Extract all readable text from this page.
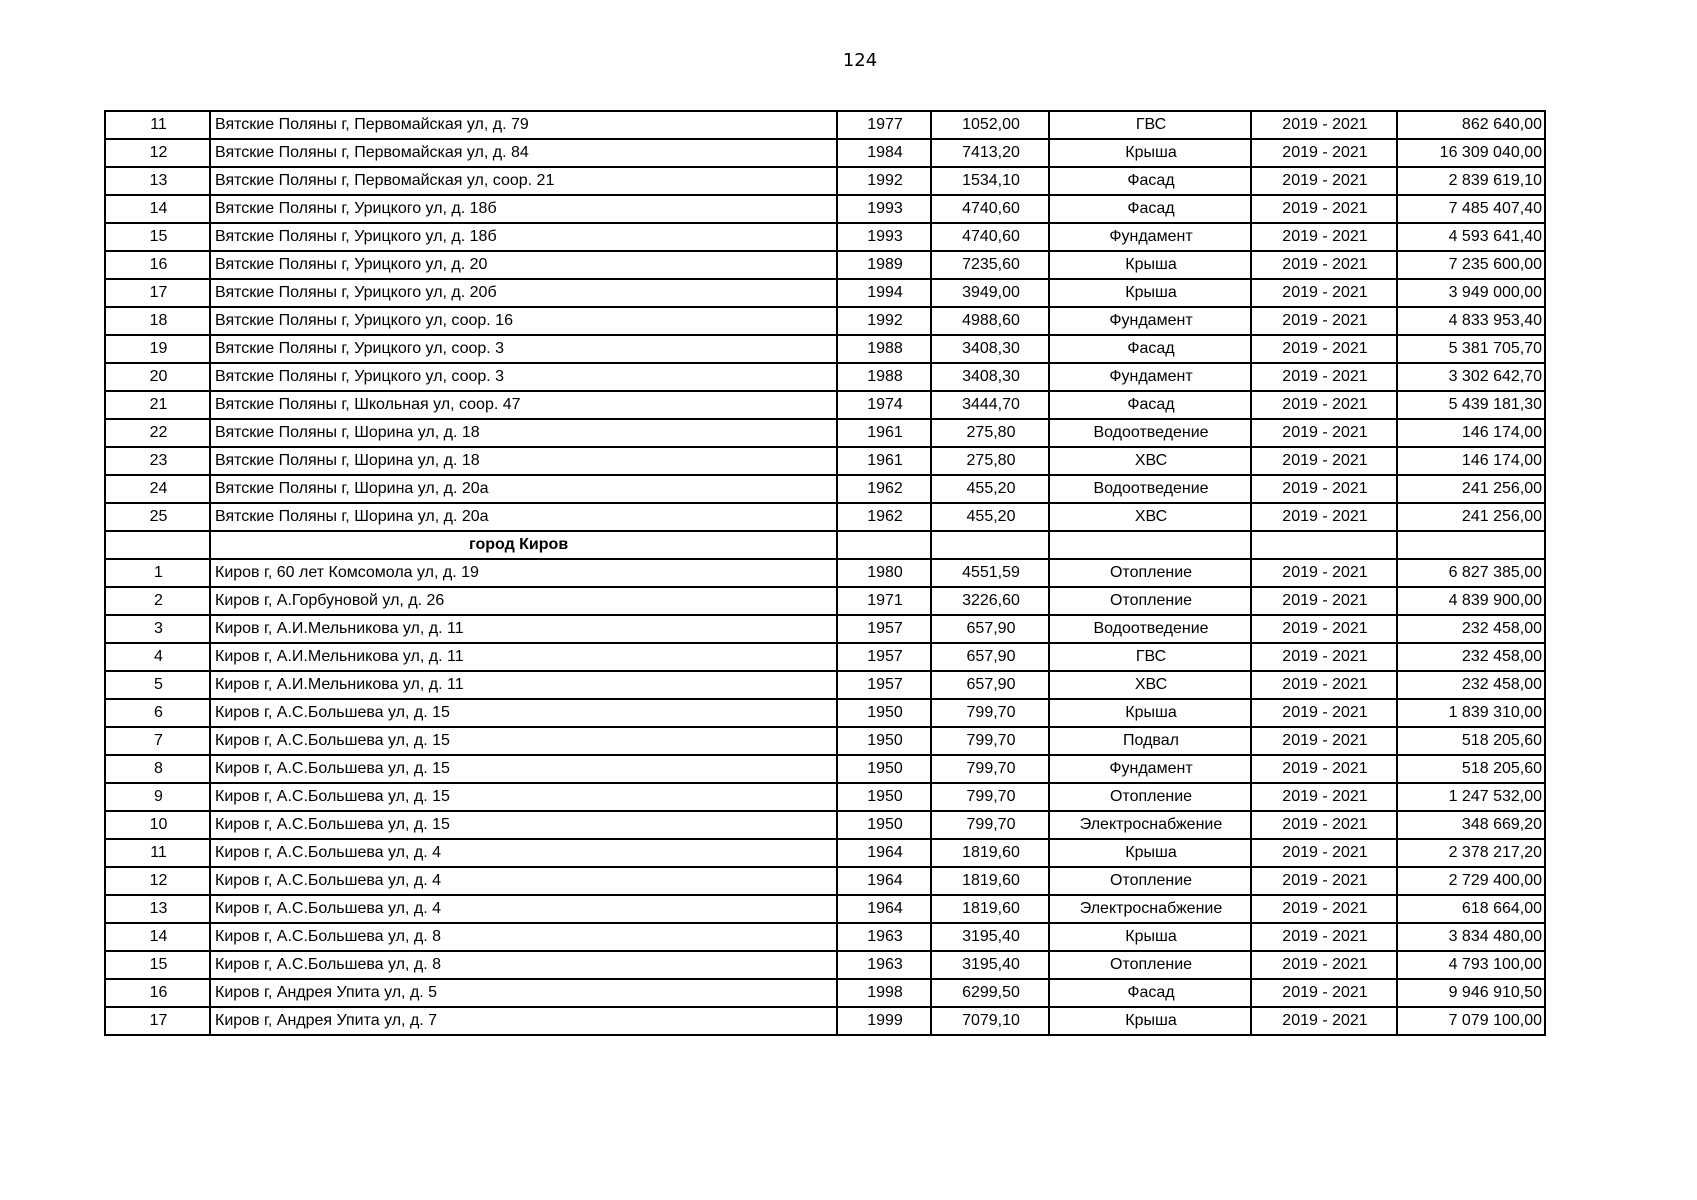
124
11	Вятские Поляны г, Первомайская ул, д. 79	1977	1052,00	ГВС	2019 - 2021	862 640,00
12	Вятские Поляны г, Первомайская ул, д. 84	1984	7413,20	Крыша	2019 - 2021	16 309 040,00
13	Вятские Поляны г, Первомайская ул, соор. 21	1992	1534,10	Фасад	2019 - 2021	2 839 619,10
14	Вятские Поляны г, Урицкого ул, д. 18б	1993	4740,60	Фасад	2019 - 2021	7 485 407,40
15	Вятские Поляны г, Урицкого ул, д. 18б	1993	4740,60	Фундамент	2019 - 2021	4 593 641,40
16	Вятские Поляны г, Урицкого ул, д. 20	1989	7235,60	Крыша	2019 - 2021	7 235 600,00
17	Вятские Поляны г, Урицкого ул, д. 20б	1994	3949,00	Крыша	2019 - 2021	3 949 000,00
18	Вятские Поляны г, Урицкого ул, соор. 16	1992	4988,60	Фундамент	2019 - 2021	4 833 953,40
19	Вятские Поляны г, Урицкого ул, соор. 3	1988	3408,30	Фасад	2019 - 2021	5 381 705,70
20	Вятские Поляны г, Урицкого ул, соор. 3	1988	3408,30	Фундамент	2019 - 2021	3 302 642,70
21	Вятские Поляны г, Школьная ул, соор. 47	1974	3444,70	Фасад	2019 - 2021	5 439 181,30
22	Вятские Поляны г, Шорина ул, д. 18	1961	275,80	Водоотведение	2019 - 2021	146 174,00
23	Вятские Поляны г, Шорина ул, д. 18	1961	275,80	ХВС	2019 - 2021	146 174,00
24	Вятские Поляны г, Шорина ул, д. 20а	1962	455,20	Водоотведение	2019 - 2021	241 256,00
25	Вятские Поляны г, Шорина ул, д. 20а	1962	455,20	ХВС	2019 - 2021	241 256,00
	город Киров					
1	Киров г, 60 лет Комсомола ул, д. 19	1980	4551,59	Отопление	2019 - 2021	6 827 385,00
2	Киров г, А.Горбуновой ул, д. 26	1971	3226,60	Отопление	2019 - 2021	4 839 900,00
3	Киров г, А.И.Мельникова ул, д. 11	1957	657,90	Водоотведение	2019 - 2021	232 458,00
4	Киров г, А.И.Мельникова ул, д. 11	1957	657,90	ГВС	2019 - 2021	232 458,00
5	Киров г, А.И.Мельникова ул, д. 11	1957	657,90	ХВС	2019 - 2021	232 458,00
6	Киров г, А.С.Большева ул, д. 15	1950	799,70	Крыша	2019 - 2021	1 839 310,00
7	Киров г, А.С.Большева ул, д. 15	1950	799,70	Подвал	2019 - 2021	518 205,60
8	Киров г, А.С.Большева ул, д. 15	1950	799,70	Фундамент	2019 - 2021	518 205,60
9	Киров г, А.С.Большева ул, д. 15	1950	799,70	Отопление	2019 - 2021	1 247 532,00
10	Киров г, А.С.Большева ул, д. 15	1950	799,70	Электроснабжение	2019 - 2021	348 669,20
11	Киров г, А.С.Большева ул, д. 4	1964	1819,60	Крыша	2019 - 2021	2 378 217,20
12	Киров г, А.С.Большева ул, д. 4	1964	1819,60	Отопление	2019 - 2021	2 729 400,00
13	Киров г, А.С.Большева ул, д. 4	1964	1819,60	Электроснабжение	2019 - 2021	618 664,00
14	Киров г, А.С.Большева ул, д. 8	1963	3195,40	Крыша	2019 - 2021	3 834 480,00
15	Киров г, А.С.Большева ул, д. 8	1963	3195,40	Отопление	2019 - 2021	4 793 100,00
16	Киров г, Андрея Упита ул, д. 5	1998	6299,50	Фасад	2019 - 2021	9 946 910,50
17	Киров г, Андрея Упита ул, д. 7	1999	7079,10	Крыша	2019 - 2021	7 079 100,00
